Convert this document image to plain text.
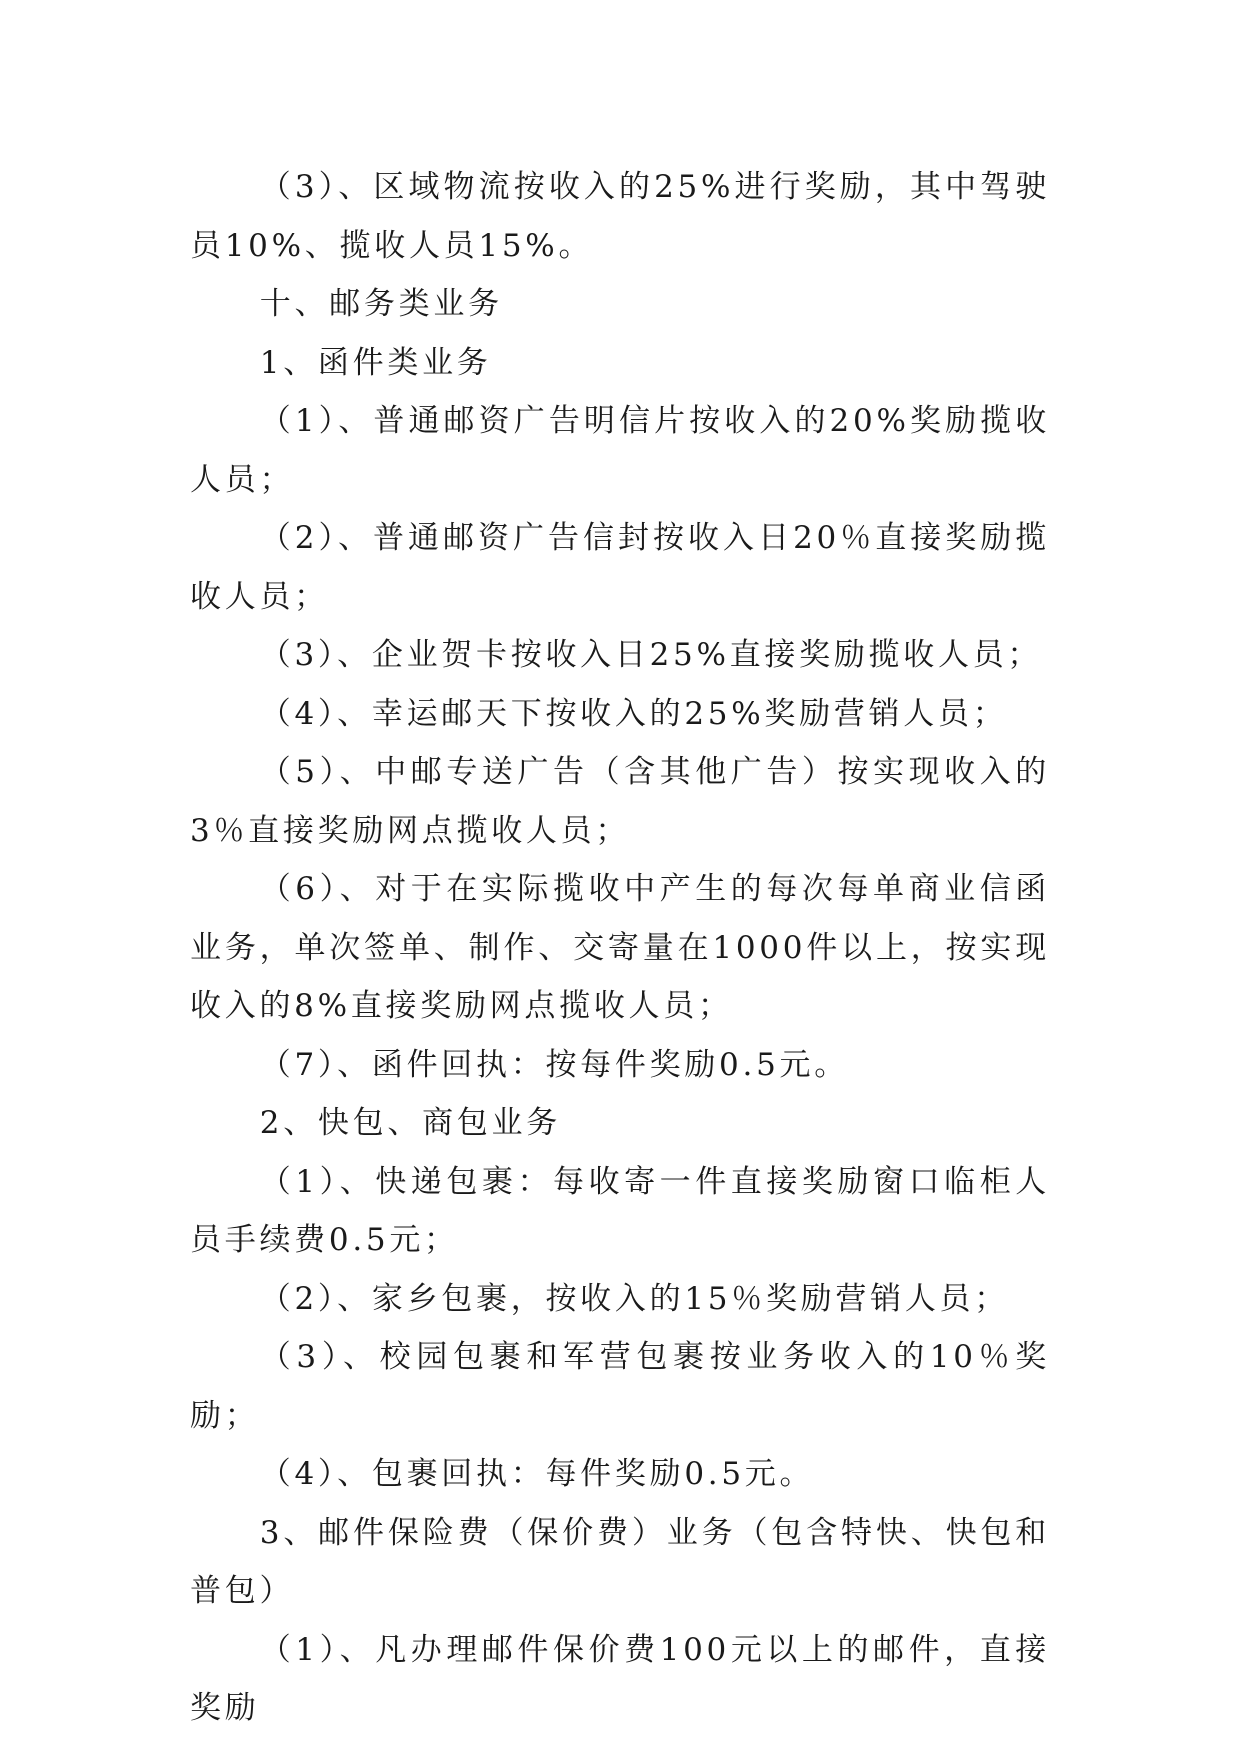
（3）、区域物流按收入的25%进行奖励，其中驾驶员10%、揽收人员15%。

十、邮务类业务

1、函件类业务

（1）、普通邮资广告明信片按收入的20%奖励揽收人员；

（2）、普通邮资广告信封按收入日20％直接奖励揽收人员；

（3）、企业贺卡按收入日25%直接奖励揽收人员；

（4）、幸运邮天下按收入的25%奖励营销人员；

（5）、中邮专送广告（含其他广告）按实现收入的3％直接奖励网点揽收人员；

（6）、对于在实际揽收中产生的每次每单商业信函业务，单次签单、制作、交寄量在1000件以上，按实现收入的8%直接奖励网点揽收人员；

（7）、函件回执：按每件奖励0.5元。

2、快包、商包业务

（1）、快递包裹：每收寄一件直接奖励窗口临柜人员手续费0.5元；

（2）、家乡包裹，按收入的15％奖励营销人员；

（3）、校园包裹和军营包裹按业务收入的10％奖励；

（4）、包裹回执：每件奖励0.5元。

3、邮件保险费（保价费）业务（包含特快、快包和普包）

（1）、凡办理邮件保价费100元以上的邮件，直接奖励
